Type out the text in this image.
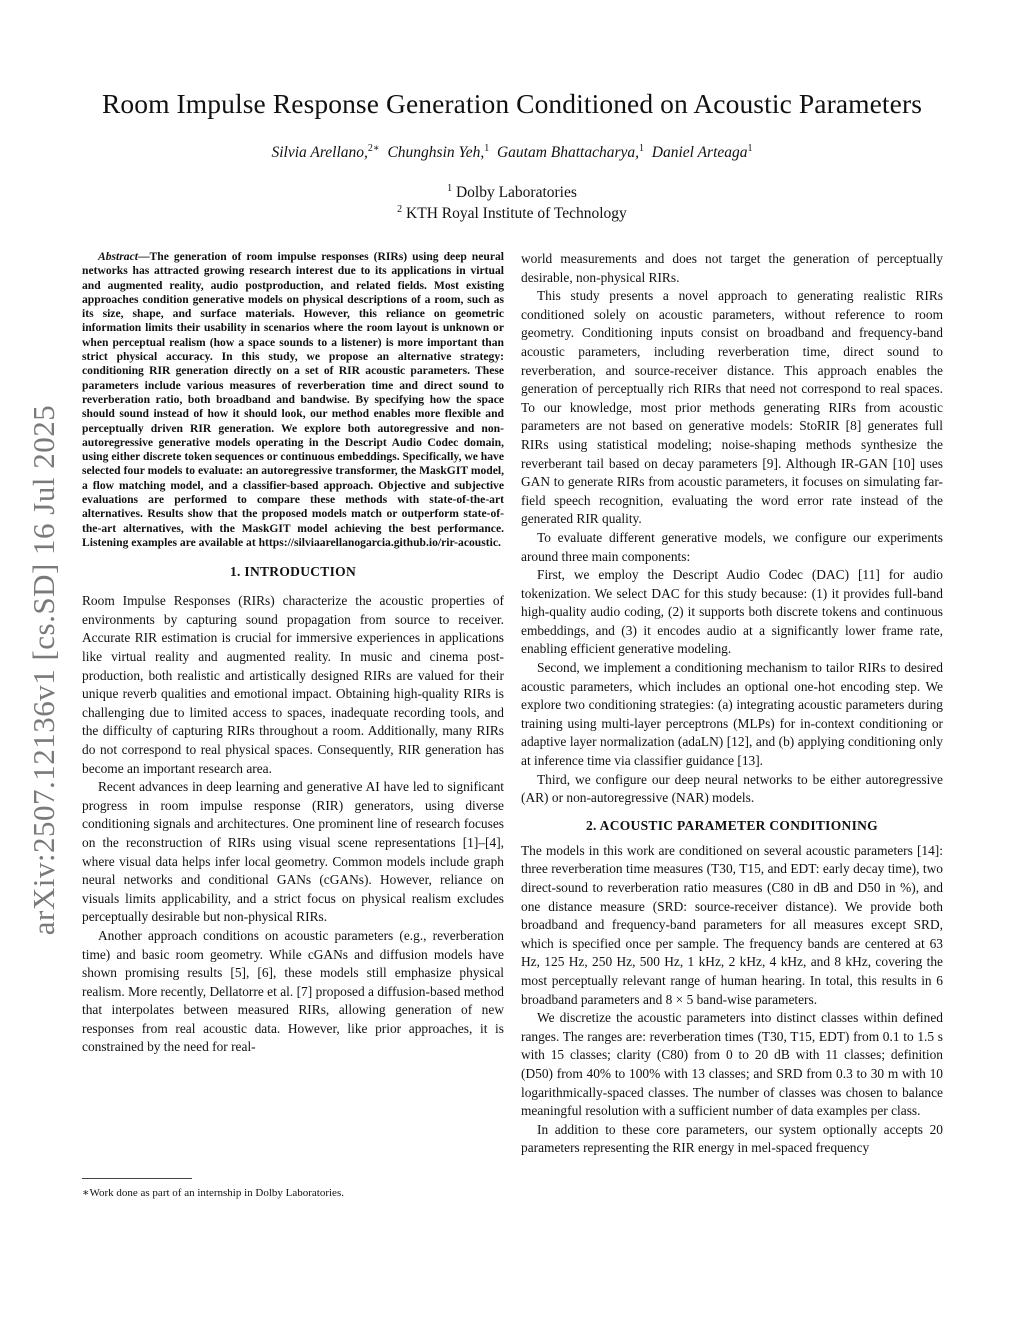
arXiv:2507.12136v1 [cs.SD] 16 Jul 2025
Room Impulse Response Generation Conditioned on Acoustic Parameters
Silvia Arellano,$^{2∗}$ Chunghsin Yeh,$^1$ Gautam Bhattacharya,$^1$ Daniel Arteaga$^1$
$^1$ Dolby Laboratories
$^2$ KTH Royal Institute of Technology

Abstract—The generation of room impulse responses (RIRs) using deep neural networks has attracted growing research interest due to its applications in virtual and augmented reality, audio postproduction, and related fields. Most existing approaches condition generative models on physical descriptions of a room, such as its size, shape, and surface materials. However, this reliance on geometric information limits their usability in scenarios where the room layout is unknown or when perceptual realism (how a space sounds to a listener) is more important than strict physical accuracy. In this study, we propose an alternative strategy: conditioning RIR generation directly on a set of RIR acoustic parameters. These parameters include various measures of reverberation time and direct sound to reverberation ratio, both broadband and bandwise. By specifying how the space should sound instead of how it should look, our method enables more flexible and perceptually driven RIR generation. We explore both autoregressive and non-autoregressive generative models operating in the Descript Audio Codec domain, using either discrete token sequences or continuous embeddings. Specifically, we have selected four models to evaluate: an autoregressive transformer, the MaskGIT model, a flow matching model, and a classifier-based approach. Objective and subjective evaluations are performed to compare these methods with state-of-the-art alternatives. Results show that the proposed models match or outperform state-of-the-art alternatives, with the MaskGIT model achieving the best performance. Listening examples are available at https://silviaarellanogarcia.github.io/rir-acoustic.

1. INTRODUCTION

Room Impulse Responses (RIRs) characterize the acoustic properties of environments by capturing sound propagation from source to receiver. Accurate RIR estimation is crucial for immersive experiences in applications like virtual reality and augmented reality. In music and cinema post-production, both realistic and artistically designed RIRs are valued for their unique reverb qualities and emotional impact. Obtaining high-quality RIRs is challenging due to limited access to spaces, inadequate recording tools, and the difficulty of capturing RIRs throughout a room. Additionally, many RIRs do not correspond to real physical spaces. Consequently, RIR generation has become an important research area.

Recent advances in deep learning and generative AI have led to significant progress in room impulse response (RIR) generators, using diverse conditioning signals and architectures. One prominent line of research focuses on the reconstruction of RIRs using visual scene representations [1]–[4], where visual data helps infer local geometry. Common models include graph neural networks and conditional GANs (cGANs). However, reliance on visuals limits applicability, and a strict focus on physical realism excludes perceptually desirable but non-physical RIRs.

Another approach conditions on acoustic parameters (e.g., reverberation time) and basic room geometry. While cGANs and diffusion models have shown promising results [5], [6], these models still emphasize physical realism. More recently, Dellatorre et al. [7] proposed a diffusion-based method that interpolates between measured RIRs, allowing generation of new responses from real acoustic data. However, like prior approaches, it is constrained by the need for real-

∗Work done as part of an internship in Dolby Laboratories.

world measurements and does not target the generation of perceptually desirable, non-physical RIRs.

This study presents a novel approach to generating realistic RIRs conditioned solely on acoustic parameters, without reference to room geometry. Conditioning inputs consist on broadband and frequency-band acoustic parameters, including reverberation time, direct sound to reverberation, and source-receiver distance. This approach enables the generation of perceptually rich RIRs that need not correspond to real spaces. To our knowledge, most prior methods generating RIRs from acoustic parameters are not based on generative models: StoRIR [8] generates full RIRs using statistical modeling; noise-shaping methods synthesize the reverberant tail based on decay parameters [9]. Although IR-GAN [10] uses GAN to generate RIRs from acoustic parameters, it focuses on simulating far-field speech recognition, evaluating the word error rate instead of the generated RIR quality.

To evaluate different generative models, we configure our experiments around three main components:

First, we employ the Descript Audio Codec (DAC) [11] for audio tokenization. We select DAC for this study because: (1) it provides full-band high-quality audio coding, (2) it supports both discrete tokens and continuous embeddings, and (3) it encodes audio at a significantly lower frame rate, enabling efficient generative modeling.

Second, we implement a conditioning mechanism to tailor RIRs to desired acoustic parameters, which includes an optional one-hot encoding step. We explore two conditioning strategies: (a) integrating acoustic parameters during training using multi-layer perceptrons (MLPs) for in-context conditioning or adaptive layer normalization (adaLN) [12], and (b) applying conditioning only at inference time via classifier guidance [13].

Third, we configure our deep neural networks to be either autoregressive (AR) or non-autoregressive (NAR) models.

2. ACOUSTIC PARAMETER CONDITIONING

The models in this work are conditioned on several acoustic parameters [14]: three reverberation time measures (T30, T15, and EDT: early decay time), two direct-sound to reverberation ratio measures (C80 in dB and D50 in %), and one distance measure (SRD: source-receiver distance). We provide both broadband and frequency-band parameters for all measures except SRD, which is specified once per sample. The frequency bands are centered at 63 Hz, 125 Hz, 250 Hz, 500 Hz, 1 kHz, 2 kHz, 4 kHz, and 8 kHz, covering the most perceptually relevant range of human hearing. In total, this results in 6 broadband parameters and 8 × 5 band-wise parameters.

We discretize the acoustic parameters into distinct classes within defined ranges. The ranges are: reverberation times (T30, T15, EDT) from 0.1 to 1.5 s with 15 classes; clarity (C80) from 0 to 20 dB with 11 classes; definition (D50) from 40% to 100% with 13 classes; and SRD from 0.3 to 30 m with 10 logarithmically-spaced classes. The number of classes was chosen to balance meaningful resolution with a sufficient number of data examples per class.

In addition to these core parameters, our system optionally accepts 20 parameters representing the RIR energy in mel-spaced frequency
